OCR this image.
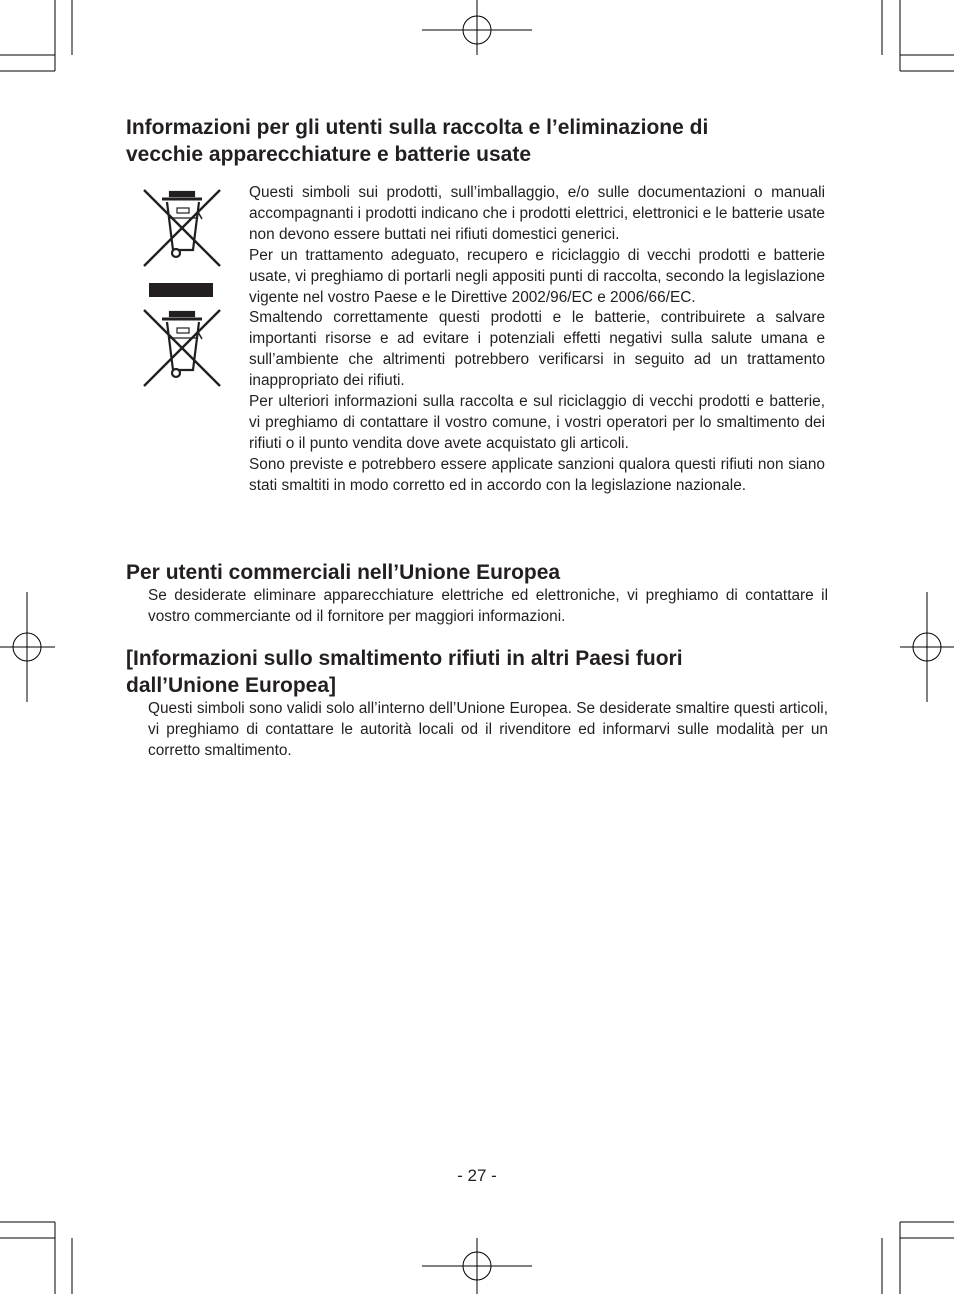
Informazioni per gli utenti sulla raccolta e l’eliminazione di
vecchie apparecchiature e batterie usate

Questi simboli sui prodotti, sull’imballaggio, e/o sulle documentazioni o manuali accompagnanti i prodotti indicano che i prodotti elettrici, elettronici e le batterie usate non devono essere buttati nei rifiuti domestici generici.

Per un trattamento adeguato, recupero e riciclaggio di vecchi prodotti e batterie usate, vi preghiamo di portarli negli appositi punti di raccolta, secondo la legislazione vigente nel vostro Paese e le Direttive 2002/96/EC e 2006/66/EC.

Smaltendo correttamente questi prodotti e le batterie, contribuirete a salvare importanti risorse e ad evitare i potenziali effetti negativi sulla salute umana e sull’ambiente che altrimenti potrebbero verificarsi in seguito ad un trattamento inappropriato dei rifiuti.

Per ulteriori informazioni sulla raccolta e sul riciclaggio di vecchi prodotti e batterie, vi preghiamo di contattare il vostro comune, i vostri operatori per lo smaltimento dei rifiuti o il punto vendita dove avete acquistato gli articoli.

Sono previste e potrebbero essere applicate sanzioni qualora questi rifiuti non siano stati smaltiti in modo corretto ed in accordo con la legislazione nazionale.

Per utenti commerciali nell’Unione Europea

Se desiderate eliminare apparecchiature elettriche ed elettroniche, vi preghiamo di contattare il vostro commerciante od il fornitore per maggiori informazioni.

[Informazioni sullo smaltimento rifiuti in altri Paesi fuori
dall’Unione Europea]

Questi simboli sono validi solo all’interno dell’Unione Europea. Se desiderate smaltire questi articoli, vi preghiamo di contattare le autorità locali od il rivenditore ed informarvi sulle modalità per un corretto smaltimento.

- 27 -
